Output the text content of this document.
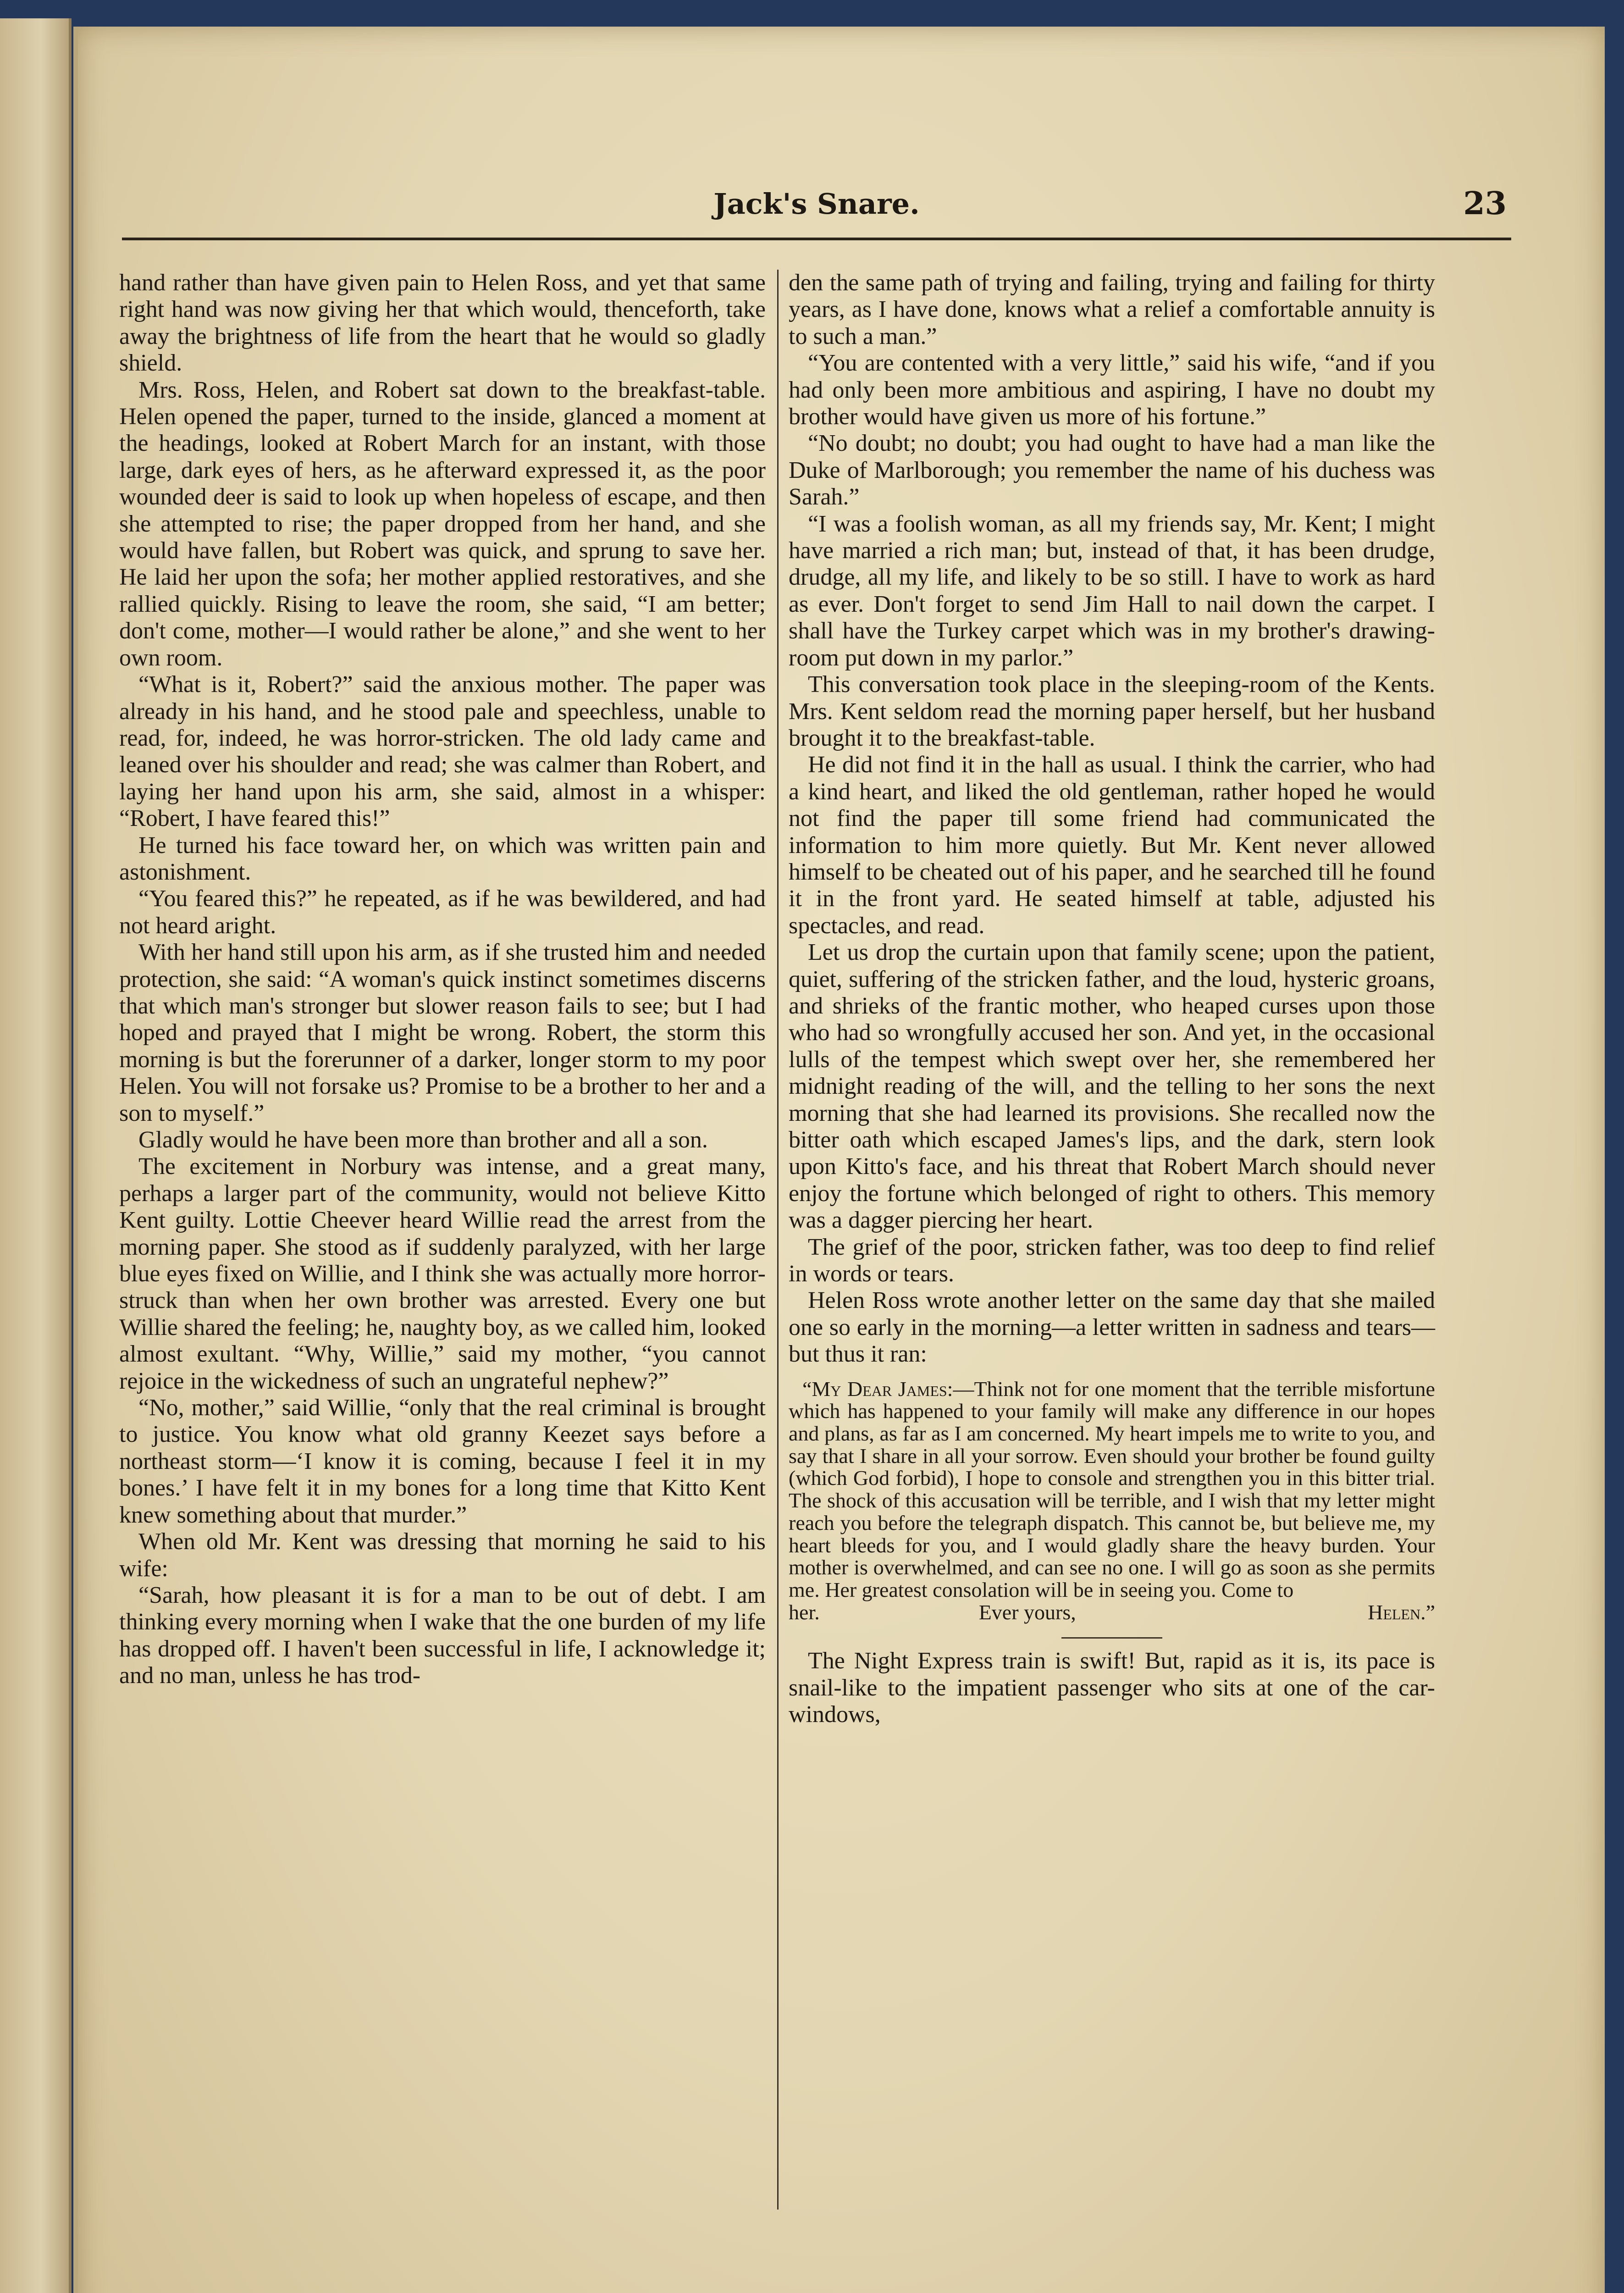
Jack's Snare.	23

hand rather than have given pain to Helen Ross, and yet that same right hand was now giving her that which would, thenceforth, take away the brightness of life from the heart that he would so gladly shield.

Mrs. Ross, Helen, and Robert sat down to the breakfast-table. Helen opened the paper, turned to the inside, glanced a moment at the headings, looked at Robert March for an instant, with those large, dark eyes of hers, as he afterward expressed it, as the poor wounded deer is said to look up when hopeless of escape, and then she attempted to rise; the paper dropped from her hand, and she would have fallen, but Robert was quick, and sprung to save her. He laid her upon the sofa; her mother applied restoratives, and she rallied quickly. Rising to leave the room, she said, “I am better; don't come, mother—I would rather be alone,” and she went to her own room.

“What is it, Robert?” said the anxious mother. The paper was already in his hand, and he stood pale and speechless, unable to read, for, indeed, he was horror-stricken. The old lady came and leaned over his shoulder and read; she was calmer than Robert, and laying her hand upon his arm, she said, almost in a whisper: “Robert, I have feared this!”

He turned his face toward her, on which was written pain and astonishment.

“You feared this?” he repeated, as if he was bewildered, and had not heard aright.

With her hand still upon his arm, as if she trusted him and needed protection, she said: “A woman's quick instinct sometimes discerns that which man's stronger but slower reason fails to see; but I had hoped and prayed that I might be wrong. Robert, the storm this morning is but the forerunner of a darker, longer storm to my poor Helen. You will not forsake us? Promise to be a brother to her and a son to myself.”

Gladly would he have been more than brother and all a son.

The excitement in Norbury was intense, and a great many, perhaps a larger part of the community, would not believe Kitto Kent guilty. Lottie Cheever heard Willie read the arrest from the morning paper. She stood as if suddenly paralyzed, with her large blue eyes fixed on Willie, and I think she was actually more horror-struck than when her own brother was arrested. Every one but Willie shared the feeling; he, naughty boy, as we called him, looked almost exultant. “Why, Willie,” said my mother, “you cannot rejoice in the wickedness of such an ungrateful nephew?”

“No, mother,” said Willie, “only that the real criminal is brought to justice. You know what old granny Keezet says before a northeast storm—‘I know it is coming, because I feel it in my bones.’ I have felt it in my bones for a long time that Kitto Kent knew something about that murder.”

When old Mr. Kent was dressing that morning he said to his wife:

“Sarah, how pleasant it is for a man to be out of debt. I am thinking every morning when I wake that the one burden of my life has dropped off. I haven't been successful in life, I acknowledge it; and no man, unless he has trod-

den the same path of trying and failing, trying and failing for thirty years, as I have done, knows what a relief a comfortable annuity is to such a man.”

“You are contented with a very little,” said his wife, “and if you had only been more ambitious and aspiring, I have no doubt my brother would have given us more of his fortune.”

“No doubt; no doubt; you had ought to have had a man like the Duke of Marlborough; you remember the name of his duchess was Sarah.”

“I was a foolish woman, as all my friends say, Mr. Kent; I might have married a rich man; but, instead of that, it has been drudge, drudge, all my life, and likely to be so still. I have to work as hard as ever. Don't forget to send Jim Hall to nail down the carpet. I shall have the Turkey carpet which was in my brother's drawing-room put down in my parlor.”

This conversation took place in the sleeping-room of the Kents. Mrs. Kent seldom read the morning paper herself, but her husband brought it to the breakfast-table.

He did not find it in the hall as usual. I think the carrier, who had a kind heart, and liked the old gentleman, rather hoped he would not find the paper till some friend had communicated the information to him more quietly. But Mr. Kent never allowed himself to be cheated out of his paper, and he searched till he found it in the front yard. He seated himself at table, adjusted his spectacles, and read.

Let us drop the curtain upon that family scene; upon the patient, quiet, suffering of the stricken father, and the loud, hysteric groans, and shrieks of the frantic mother, who heaped curses upon those who had so wrongfully accused her son. And yet, in the occasional lulls of the tempest which swept over her, she remembered her midnight reading of the will, and the telling to her sons the next morning that she had learned its provisions. She recalled now the bitter oath which escaped James's lips, and the dark, stern look upon Kitto's face, and his threat that Robert March should never enjoy the fortune which belonged of right to others. This memory was a dagger piercing her heart.

The grief of the poor, stricken father, was too deep to find relief in words or tears.

Helen Ross wrote another letter on the same day that she mailed one so early in the morning—a letter written in sadness and tears—but thus it ran:

“My Dear James:—Think not for one moment that the terrible misfortune which has happened to your family will make any difference in our hopes and plans, as far as I am concerned. My heart impels me to write to you, and say that I share in all your sorrow. Even should your brother be found guilty (which God forbid), I hope to console and strengthen you in this bitter trial. The shock of this accusation will be terrible, and I wish that my letter might reach you before the telegraph dispatch. This cannot be, but believe me, my heart bleeds for you, and I would gladly share the heavy burden. Your mother is overwhelmed, and can see no one. I will go as soon as she permits me. Her greatest consolation will be in seeing you. Come to

her.	Ever yours,	Helen.”

The Night Express train is swift! But, rapid as it is, its pace is snail-like to the impatient passenger who sits at one of the car-windows,
